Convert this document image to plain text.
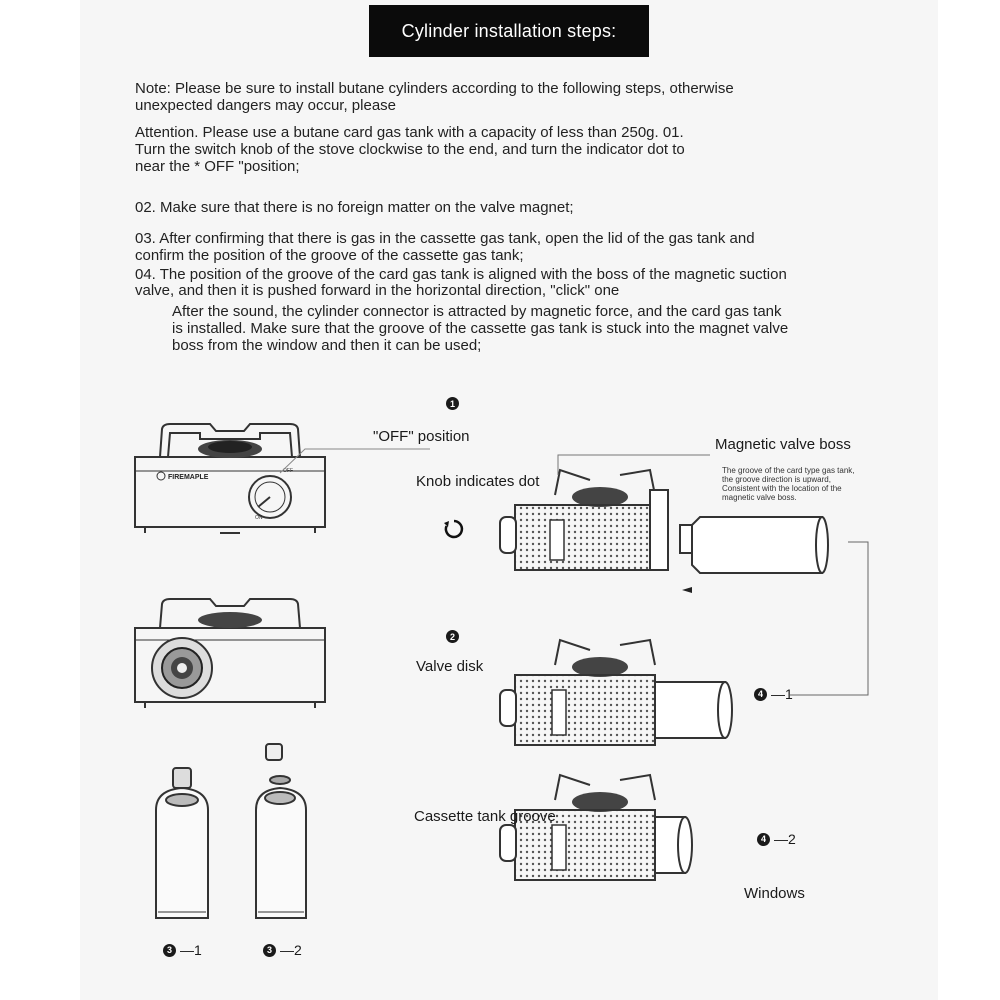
Cylinder installation steps:
Note: Please be sure to install butane cylinders according to the following steps, otherwise
unexpected dangers may occur, please
Attention. Please use a butane card gas tank with a capacity of less than 250g. 01.
Turn the switch knob of the stove clockwise to the end, and turn the indicator dot to
near the * OFF "position;
02. Make sure that there is no foreign matter on the valve magnet;
03. After confirming that there is gas in the cassette gas tank, open the lid of the gas tank and
confirm the position of the groove of the cassette gas tank;
04. The position of the groove of the card gas tank is aligned with the boss of the magnetic suction
valve, and then it is pushed forward in the horizontal direction, "click" one
After the sound, the cylinder connector is attracted by magnetic force, and the card gas tank
is installed. Make sure that the groove of the cassette gas tank is stuck into the magnet valve
boss from the window and then it can be used;
FIREMAPLE
OFF
ON
"OFF" position
Knob indicates dot
Magnetic valve boss
The groove of the card type gas tank,
the groove direction is upward,
Consistent with the location of the
magnetic valve boss.
Valve disk
Cassette tank groove
Windows
1
2
3 —1	3 —2
4 —1
4 —2
